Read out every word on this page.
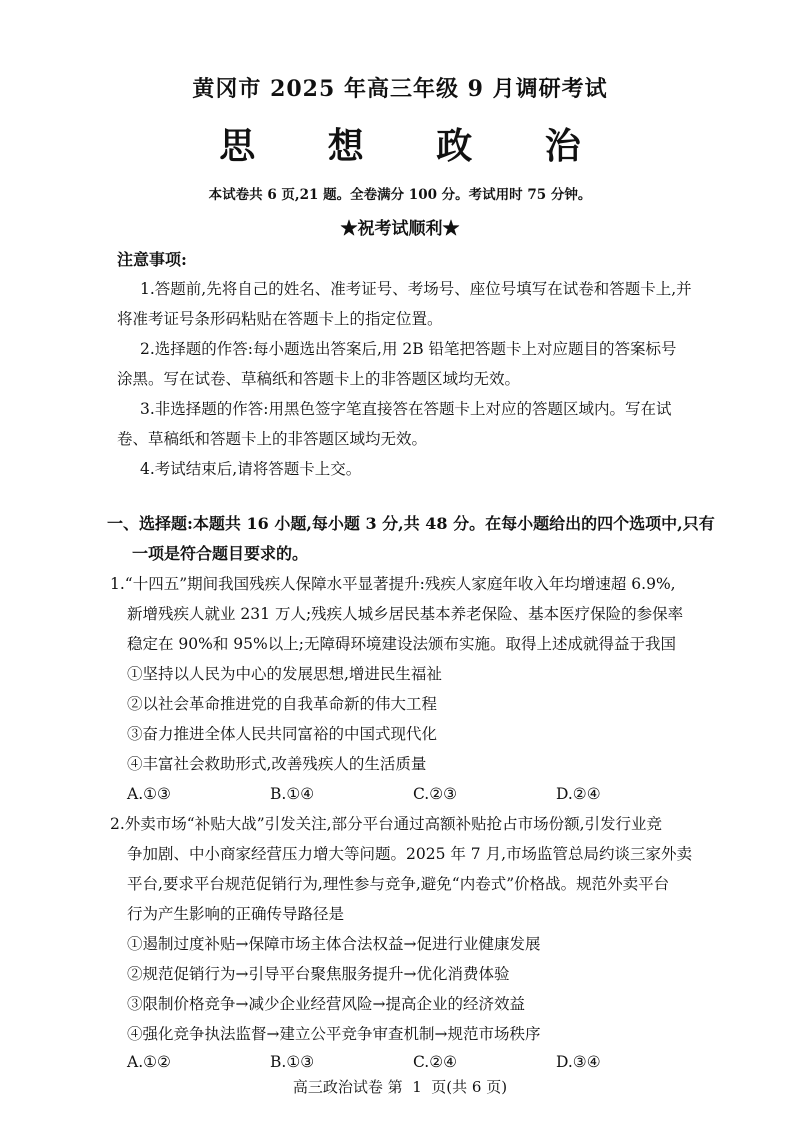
黄冈市 2025 年高三年级 9 月调研考试
思 想 政 治
本试卷共 6 页,21 题。全卷满分 100 分。考试用时 75 分钟。
★祝考试顺利★
注意事项:
1.答题前,先将自己的姓名、准考证号、考场号、座位号填写在试卷和答题卡上,并
将准考证号条形码粘贴在答题卡上的指定位置。
2.选择题的作答:每小题选出答案后,用 2B 铅笔把答题卡上对应题目的答案标号
涂黑。写在试卷、草稿纸和答题卡上的非答题区域均无效。
3.非选择题的作答:用黑色签字笔直接答在答题卡上对应的答题区域内。写在试
卷、草稿纸和答题卡上的非答题区域均无效。
4.考试结束后,请将答题卡上交。
一、选择题:本题共 16 小题,每小题 3 分,共 48 分。在每小题给出的四个选项中,只有
一项是符合题目要求的。
1.“十四五”期间我国残疾人保障水平显著提升:残疾人家庭年收入年均增速超 6.9%,
新增残疾人就业 231 万人;残疾人城乡居民基本养老保险、基本医疗保险的参保率
稳定在 90%和 95%以上;无障碍环境建设法颁布实施。取得上述成就得益于我国
①坚持以人民为中心的发展思想,增进民生福祉
②以社会革命推进党的自我革命新的伟大工程
③奋力推进全体人民共同富裕的中国式现代化
④丰富社会救助形式,改善残疾人的生活质量
A.①③	B.①④	C.②③	D.②④
2.外卖市场“补贴大战”引发关注,部分平台通过高额补贴抢占市场份额,引发行业竞
争加剧、中小商家经营压力增大等问题。2025 年 7 月,市场监管总局约谈三家外卖
平台,要求平台规范促销行为,理性参与竞争,避免“内卷式”价格战。规范外卖平台
行为产生影响的正确传导路径是
①遏制过度补贴→保障市场主体合法权益→促进行业健康发展
②规范促销行为→引导平台聚焦服务提升→优化消费体验
③限制价格竞争→减少企业经营风险→提高企业的经济效益
④强化竞争执法监督→建立公平竞争审查机制→规范市场秩序
A.①②	B.①③	C.②④	D.③④
高三政治试卷 第  1  页(共 6 页)
